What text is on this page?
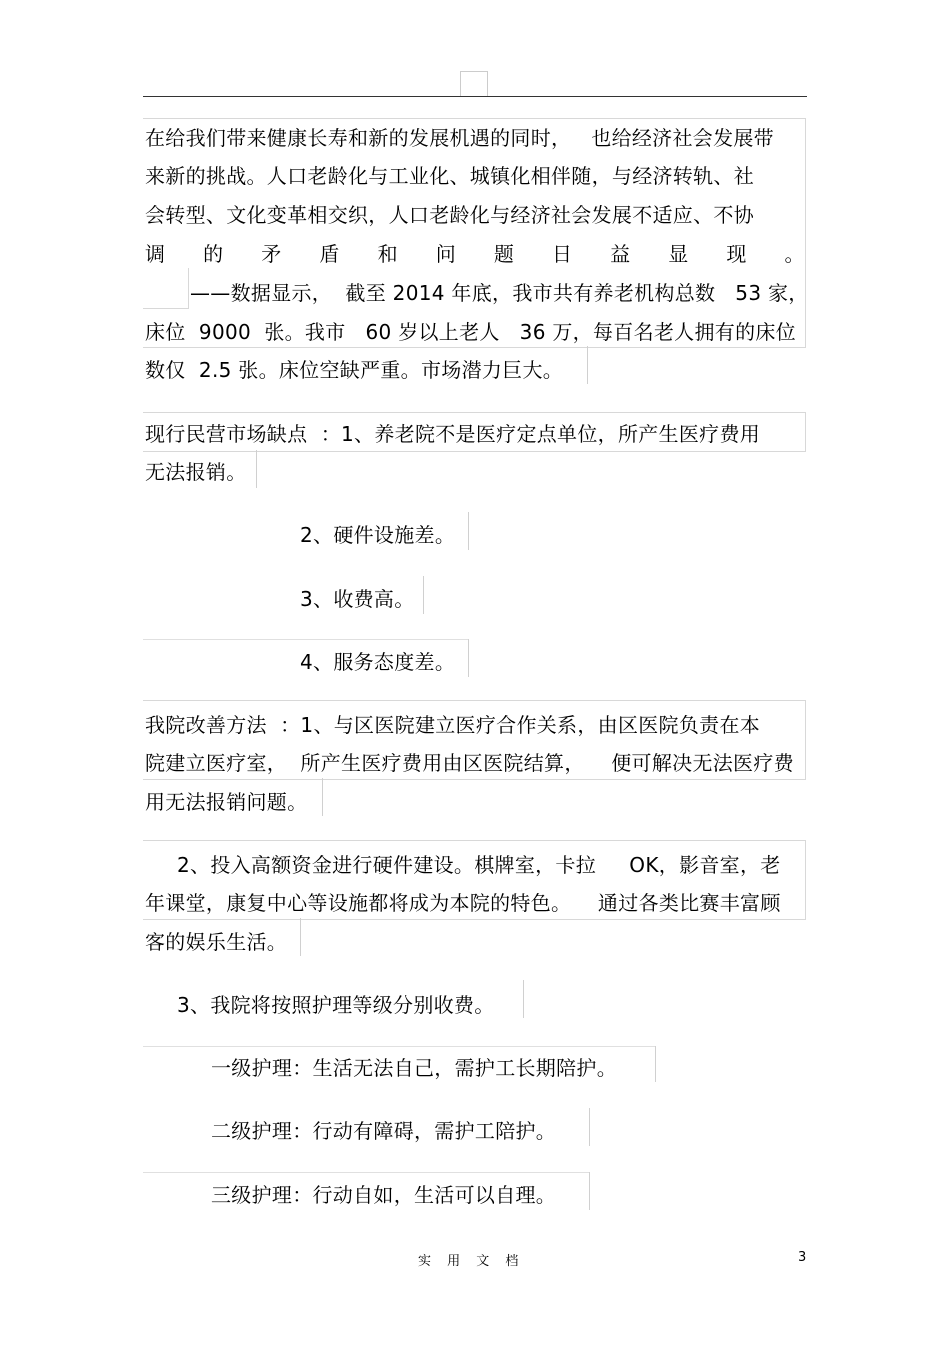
在给我们带来健康长寿和新的发展机遇的同时，   也给经济社会发展带
来新的挑战。人口老龄化与工业化、城镇化相伴随，与经济转轨、社
会转型、文化变革相交织，人口老龄化与经济社会发展不适应、不协
调 的 矛 盾 和 问 题 日 益 显 现 。
——数据显示，  截至 2014 年底，我市共有养老机构总数   53 家，
床位  9000  张。我市   60 岁以上老人   36 万，每百名老人拥有的床位
数仅  2.5 张。床位空缺严重。市场潜力巨大。
现行民营市场缺点  ：1、养老院不是医疗定点单位，所产生医疗费用
无法报销。
2、硬件设施差。
3、收费高。
4、服务态度差。
我院改善方法  ：1、与区医院建立医疗合作关系，由区医院负责在本
院建立医疗室，  所产生医疗费用由区医院结算，    便可解决无法医疗费
用无法报销问题。
2、投入高额资金进行硬件建设。棋牌室，卡拉     OK，影音室，老
年课堂，康复中心等设施都将成为本院的特色。    通过各类比赛丰富顾
客的娱乐生活。
3、我院将按照护理等级分别收费。
一级护理：生活无法自己，需护工长期陪护。
二级护理：行动有障碍，需护工陪护。
三级护理：行动自如，生活可以自理。
实 用 文 档	3
